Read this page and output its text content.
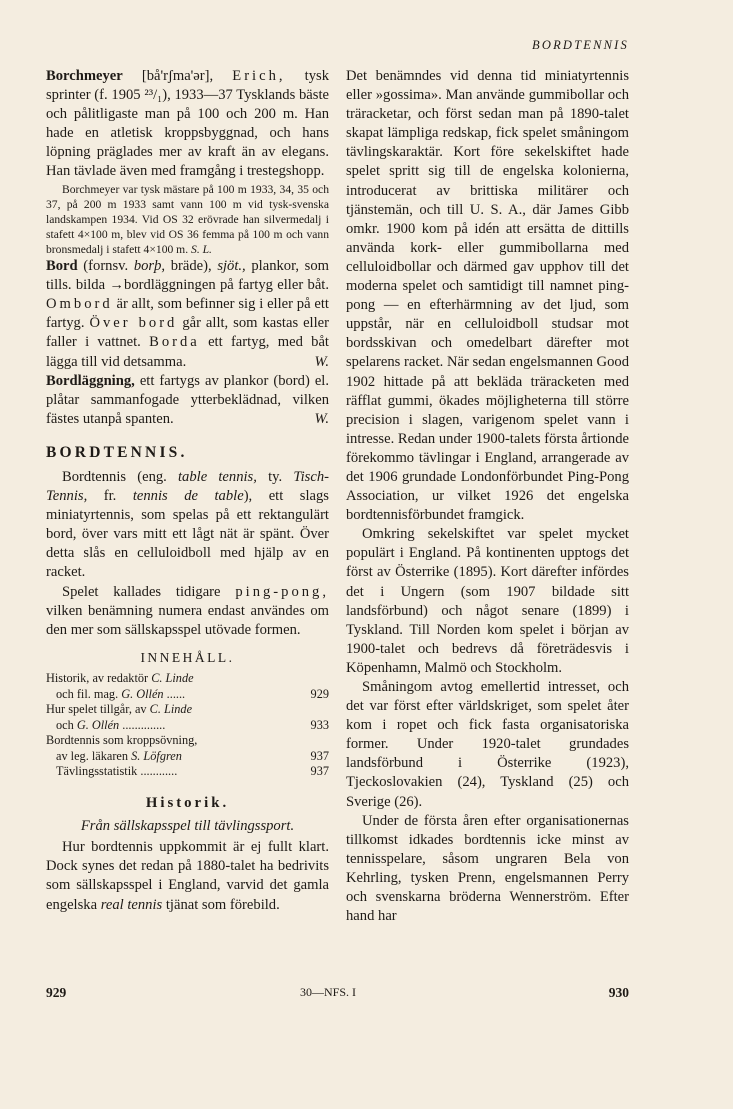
BORDTENNIS

Borchmeyer [bå'rʃma'ər], Erich, tysk sprinter (f. 1905 ²³/₁), 1933—37 Tysklands bäste och pålitligaste man på 100 och 200 m. Han hade en atletisk kroppsbyggnad, och hans löpning präglades mer av kraft än av elegans. Han tävlade även med framgång i trestegshopp.

Borchmeyer var tysk mästare på 100 m 1933, 34, 35 och 37, på 200 m 1933 samt vann 100 m vid tysk-svenska landskampen 1934. Vid OS 32 erövrade han silvermedalj i stafett 4×100 m, blev vid OS 36 femma på 100 m och vann bronsmedalj i stafett 4×100 m. S. L.

Bord (fornsv. borþ, bräde), sjöt., plankor, som tills. bilda →bordläggningen på fartyg eller båt. Ombord är allt, som befinner sig i eller på ett fartyg. Över bord går allt, som kastas eller faller i vattnet. Borda ett fartyg, med båt lägga till vid detsamma.	W.

Bordläggning, ett fartygs av plankor (bord) el. plåtar sammanfogade ytterbeklädnad, vilken fästes utanpå spanten.	W.

BORDTENNIS.

Bordtennis (eng. table tennis, ty. Tisch-Tennis, fr. tennis de table), ett slags miniatyrtennis, som spelas på ett rektangulärt bord, över vars mitt ett lågt nät är spänt. Över detta slås en celluloidboll med hjälp av en racket.

Spelet kallades tidigare ping-pong, vilken benämning numera endast användes om den mer som sällskapsspel utövade formen.

INNEHÅLL.
Historik, av redaktör C. Linde
och fil. mag. G. Ollén ......	929
Hur spelet tillgår, av C. Linde
och G. Ollén ..............	933
Bordtennis som kroppsövning,
av leg. läkaren S. Löfgren	937
Tävlingsstatistik ............	937
Historik.
Från sällskapsspel till tävlingssport.

Hur bordtennis uppkommit är ej fullt klart. Dock synes det redan på 1880-talet ha bedrivits som sällskapsspel i England, varvid det gamla engelska real tennis tjänat som förebild.

Det benämndes vid denna tid miniatyrtennis eller »gossima». Man använde gummibollar och träracketar, och först sedan man på 1890-talet skapat lämpliga redskap, fick spelet småningom tävlingskaraktär. Kort före sekelskiftet hade spelet spritt sig till de engelska kolonierna, introducerat av brittiska militärer och tjänstemän, och till U. S. A., där James Gibb omkr. 1900 kom på idén att ersätta de dittills använda kork- eller gummibollarna med celluloidbollar och därmed gav upphov till det moderna spelet och samtidigt till namnet ping-pong — en efterhärmning av det ljud, som uppstår, när en celluloidboll studsar mot bordsskivan och omedelbart därefter mot spelarens racket. När sedan engelsmannen Good 1902 hittade på att bekläda träracketen med räfflat gummi, ökades möjligheterna till större precision i slagen, varigenom spelet vann i intresse. Redan under 1900-talets första årtionde förekommo tävlingar i England, arrangerade av det 1906 grundade Londonförbundet Ping-Pong Association, ur vilket 1926 det engelska bordtennisförbundet framgick.

Omkring sekelskiftet var spelet mycket populärt i England. På kontinenten upptogs det först av Österrike (1895). Kort därefter infördes det i Ungern (som 1907 bildade sitt landsförbund) och något senare (1899) i Tyskland. Till Norden kom spelet i början av 1900-talet och bedrevs då företrädesvis i Köpenhamn, Malmö och Stockholm.

Småningom avtog emellertid intresset, och det var först efter världskriget, som spelet åter kom i ropet och fick fasta organisatoriska former. Under 1920-talet grundades landsförbund i Österrike (1923), Tjeckoslovakien (24), Tyskland (25) och Sverige (26).

Under de första åren efter organisationernas tillkomst idkades bordtennis icke minst av tennisspelare, såsom ungraren Bela von Kehrling, tysken Prenn, engelsmannen Perry och svenskarna bröderna Wennerström. Efter hand har

929	30—NFS. I	930
